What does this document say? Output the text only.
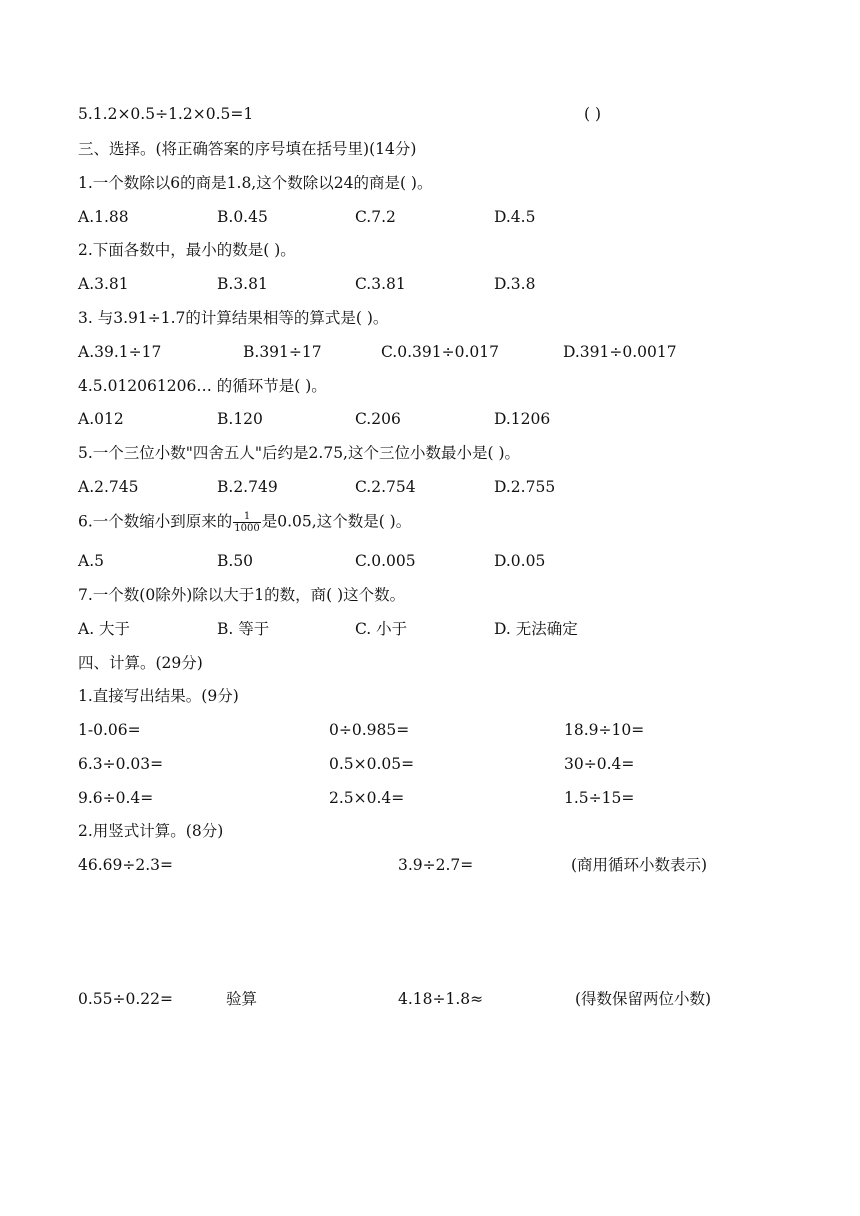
5.1.2×0.5÷1.2×0.5=1	( )
三、选择。(将正确答案的序号填在括号里)(14分)
1.一个数除以6的商是1.8,这个数除以24的商是( )。
A.1.88	B.0.45	C.7.2	D.4.5
2.下面各数中，最小的数是( )。
A.3.81	B.3.81	C.3.81	D.3.8
3. 与3.91÷1.7的计算结果相等的算式是( )。
A.39.1÷17	B.391÷17	C.0.391÷0.017	D.391÷0.0017
4.5.012061206… 的循环节是( )。
A.012	B.120	C.206	D.1206
5.一个三位小数"四舍五人"后约是2.75,这个三位小数最小是( )。
A.2.745	B.2.749	C.2.754	D.2.755
6.一个数缩小到原来的 $\frac{1}{1000}$ 是0.05,这个数是( )。
A.5	B.50	C.0.005	D.0.05
7.一个数(0除外)除以大于1的数，商( )这个数。
A. 大于	B. 等于	C. 小于	D. 无法确定
四、计算。(29分)
1.直接写出结果。(9分)
1-0.06=	0÷0.985=	18.9÷10=
6.3÷0.03=	0.5×0.05=	30÷0.4=
9.6÷0.4=	2.5×0.4=	1.5÷15=
2.用竖式计算。(8分)
46.69÷2.3=	3.9÷2.7=	(商用循环小数表示)
0.55÷0.22=	验算	4.18÷1.8≈	(得数保留两位小数)
